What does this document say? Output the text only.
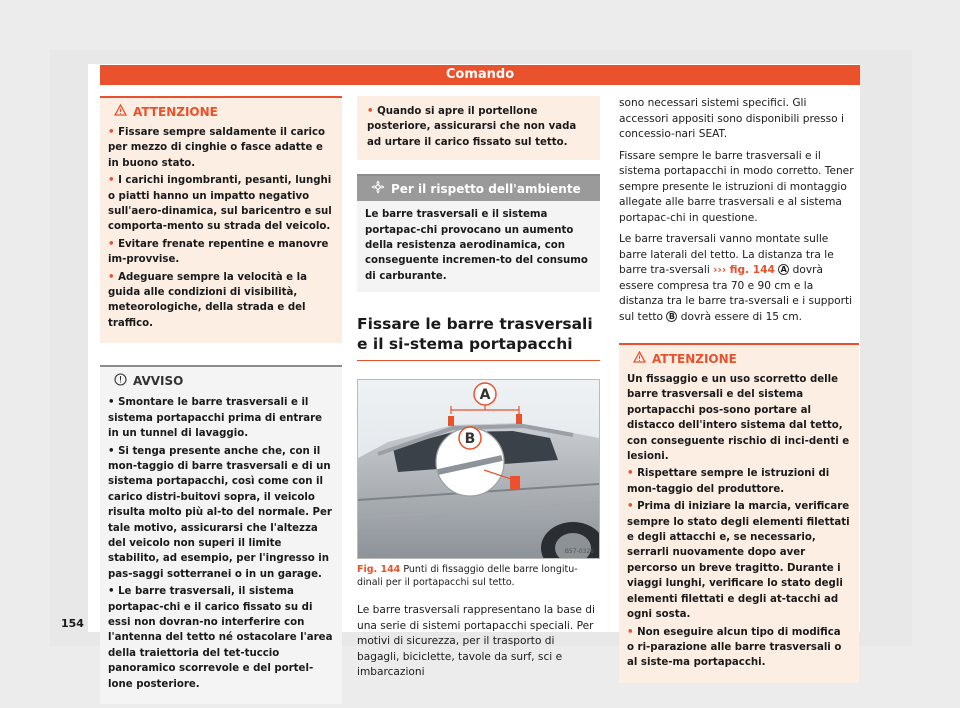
Comando
154
ATTENZIONE
• Fissare sempre saldamente il carico per mezzo di cinghie o fasce adatte e in buono stato.
• I carichi ingombranti, pesanti, lunghi o piatti hanno un impatto negativo sull'aero-dinamica, sul baricentro e sul comporta-mento su strada del veicolo.
• Evitare frenate repentine e manovre im-provvise.
• Adeguare sempre la velocità e la guida alle condizioni di visibilità, meteorologiche, della strada e del traffico.
AVVISO
• Smontare le barre trasversali e il sistema portapacchi prima di entrare in un tunnel di lavaggio.
• Si tenga presente anche che, con il mon-taggio di barre trasversali e di un sistema portapacchi, così come con il carico distri-buitovi sopra, il veicolo risulta molto più al-to del normale. Per tale motivo, assicurarsi che l'altezza del veicolo non superi il limite stabilito, ad esempio, per l'ingresso in pas-saggi sotterranei o in un garage.
• Le barre trasversali, il sistema portapac-chi e il carico fissato su di essi non dovran-no interferire con l'antenna del tetto né ostacolare l'area della traiettoria del tet-tuccio panoramico scorrevole e del portel-lone posteriore.
• Quando si apre il portellone posteriore, assicurarsi che non vada ad urtare il carico fissato sul tetto.
Per il rispetto dell'ambiente
Le barre trasversali e il sistema portapac-chi provocano un aumento della resistenza aerodinamica, con conseguente incremen-to del consumo di carburante.
Fissare le barre trasversali e il si-stema portapacchi
A
B
B57-0326
Fig. 144 Punti di fissaggio delle barre longitu-dinali per il portapacchi sul tetto.
Le barre trasversali rappresentano la base di una serie di sistemi portapacchi speciali. Per motivi di sicurezza, per il trasporto di bagagli, biciclette, tavole da surf, sci e imbarcazioni
sono necessari sistemi specifici. Gli accessori appositi sono disponibili presso i concessio-nari SEAT.
Fissare sempre le barre trasversali e il sistema portapacchi in modo corretto. Tener sempre presente le istruzioni di montaggio allegate alle barre trasversali e al sistema portapac-chi in questione.
Le barre traversali vanno montate sulle barre laterali del tetto. La distanza tra le barre tra-sversali ››› fig. 144 A dovrà essere compresa tra 70 e 90 cm e la distanza tra le barre tra-sversali e i supporti sul tetto B dovrà essere di 15 cm.
ATTENZIONE
Un fissaggio e un uso scorretto delle barre trasversali e del sistema portapacchi pos-sono portare al distacco dell'intero sistema dal tetto, con conseguente rischio di inci-denti e lesioni.
• Rispettare sempre le istruzioni di mon-taggio del produttore.
• Prima di iniziare la marcia, verificare sempre lo stato degli elementi filettati e degli attacchi e, se necessario, serrarli nuovamente dopo aver percorso un breve tragitto. Durante i viaggi lunghi, verificare lo stato degli elementi filettati e degli at-tacchi ad ogni sosta.
• Non eseguire alcun tipo di modifica o ri-parazione alle barre trasversali o al siste-ma portapacchi.
